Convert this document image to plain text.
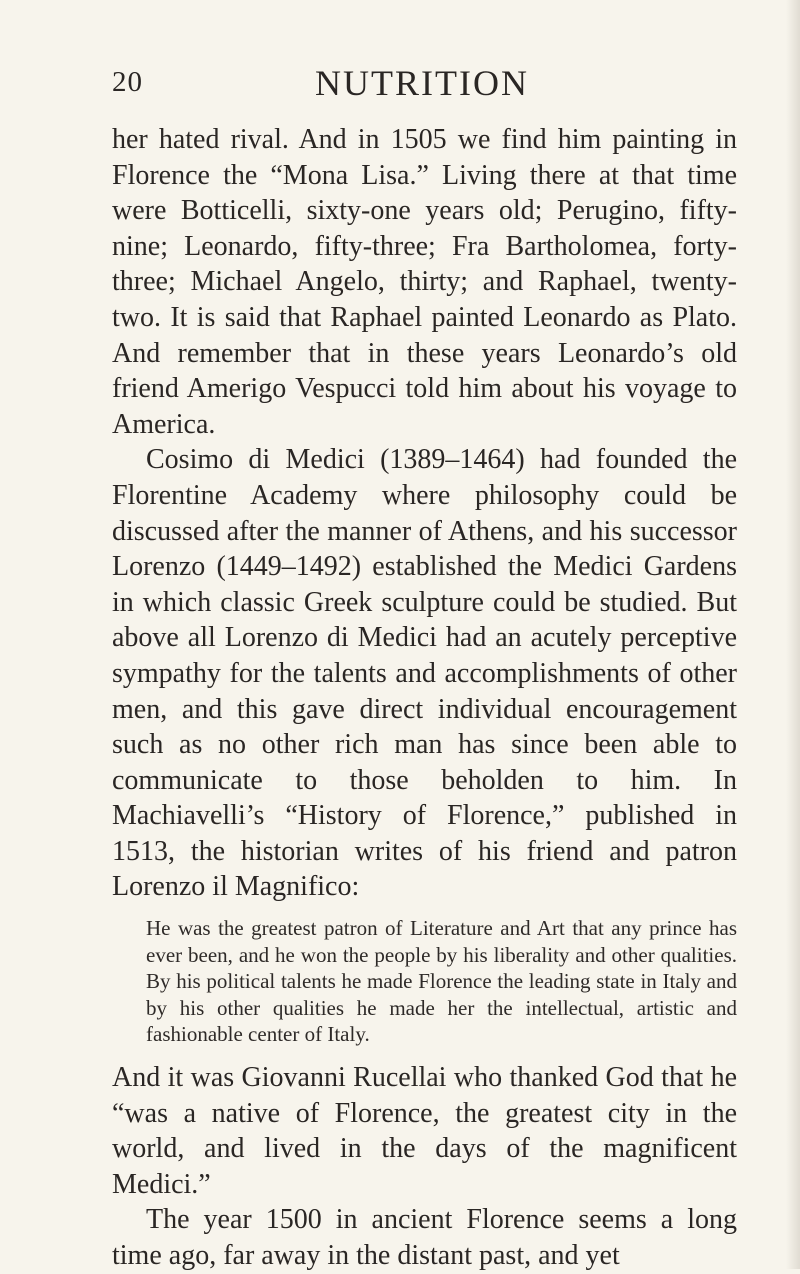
20	NUTRITION

her hated rival. And in 1505 we find him painting in Florence the “Mona Lisa.” Living there at that time were Botticelli, sixty-one years old; Perugino, fifty-nine; Leonardo, fifty-three; Fra Bartholomea, forty-three; Michael Angelo, thirty; and Raphael, twenty-two. It is said that Raphael painted Leonardo as Plato. And remember that in these years Leonardo’s old friend Amerigo Vespucci told him about his voyage to America.

Cosimo di Medici (1389–1464) had founded the Florentine Academy where philosophy could be discussed after the manner of Athens, and his successor Lorenzo (1449–1492) established the Medici Gardens in which classic Greek sculpture could be studied. But above all Lorenzo di Medici had an acutely perceptive sympathy for the talents and accomplishments of other men, and this gave direct individual encouragement such as no other rich man has since been able to communicate to those beholden to him. In Machiavelli’s “History of Florence,” published in 1513, the historian writes of his friend and patron Lorenzo il Magnifico:

He was the greatest patron of Literature and Art that any prince has ever been, and he won the people by his liberality and other qualities. By his political talents he made Florence the leading state in Italy and by his other qualities he made her the intellectual, artistic and fashionable center of Italy.

And it was Giovanni Rucellai who thanked God that he “was a native of Florence, the greatest city in the world, and lived in the days of the magnificent Medici.”

The year 1500 in ancient Florence seems a long time ago, far away in the distant past, and yet
